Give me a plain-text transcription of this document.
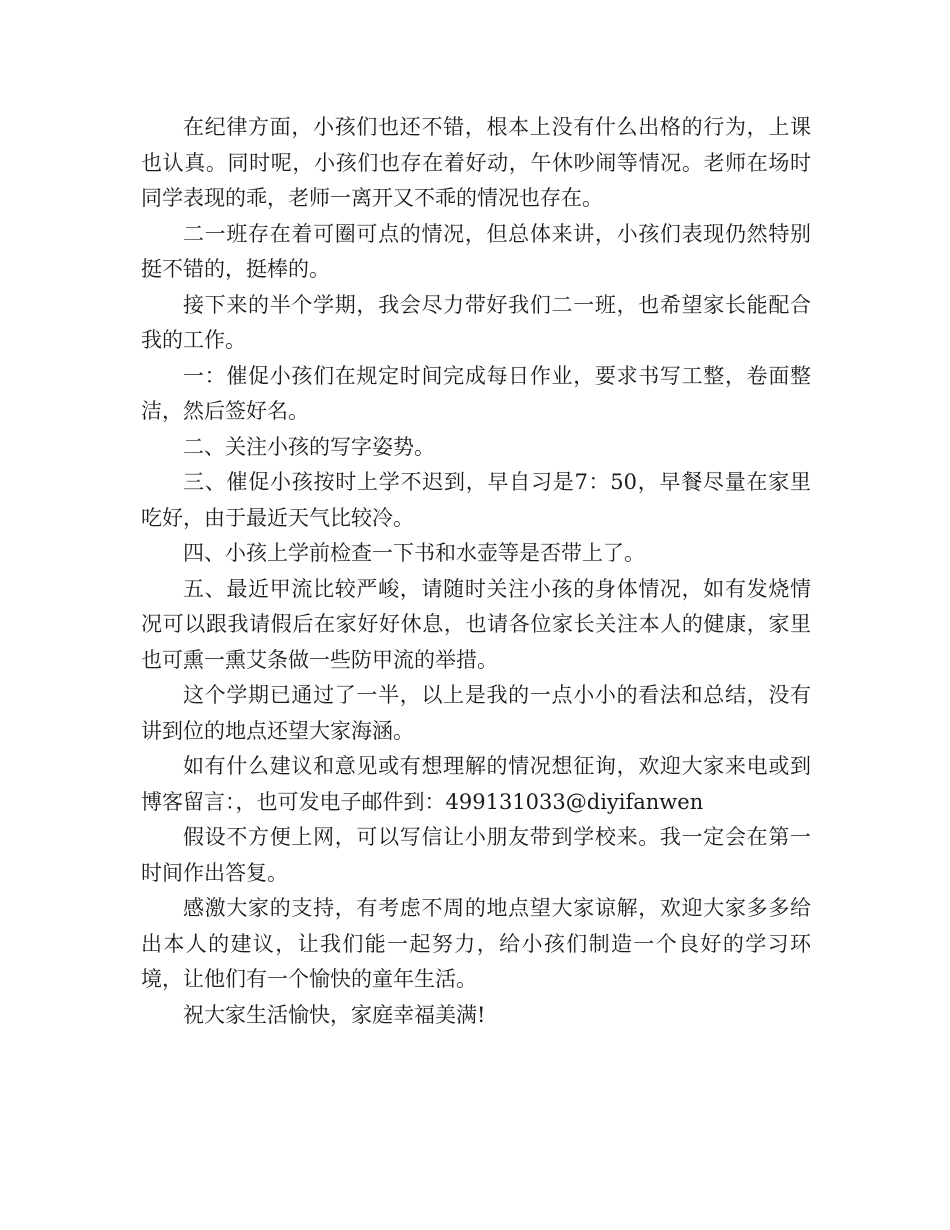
在纪律方面，小孩们也还不错，根本上没有什么出格的行为，上课也认真。同时呢，小孩们也存在着好动，午休吵闹等情况。老师在场时同学表现的乖，老师一离开又不乖的情况也存在。

二一班存在着可圈可点的情况，但总体来讲，小孩们表现仍然特别挺不错的，挺棒的。

接下来的半个学期，我会尽力带好我们二一班，也希望家长能配合我的工作。

一：催促小孩们在规定时间完成每日作业，要求书写工整，卷面整洁，然后签好名。

二、关注小孩的写字姿势。

三、催促小孩按时上学不迟到，早自习是7：50，早餐尽量在家里吃好，由于最近天气比较冷。

四、小孩上学前检查一下书和水壶等是否带上了。

五、最近甲流比较严峻，请随时关注小孩的身体情况，如有发烧情况可以跟我请假后在家好好休息，也请各位家长关注本人的健康，家里也可熏一熏艾条做一些防甲流的举措。

这个学期已通过了一半，以上是我的一点小小的看法和总结，没有讲到位的地点还望大家海涵。

如有什么建议和意见或有想理解的情况想征询，欢迎大家来电或到博客留言：，也可发电子邮件到：499131033@diyifanwen

假设不方便上网，可以写信让小朋友带到学校来。我一定会在第一时间作出答复。

感激大家的支持，有考虑不周的地点望大家谅解，欢迎大家多多给出本人的建议，让我们能一起努力，给小孩们制造一个良好的学习环境，让他们有一个愉快的童年生活。

祝大家生活愉快，家庭幸福美满!
